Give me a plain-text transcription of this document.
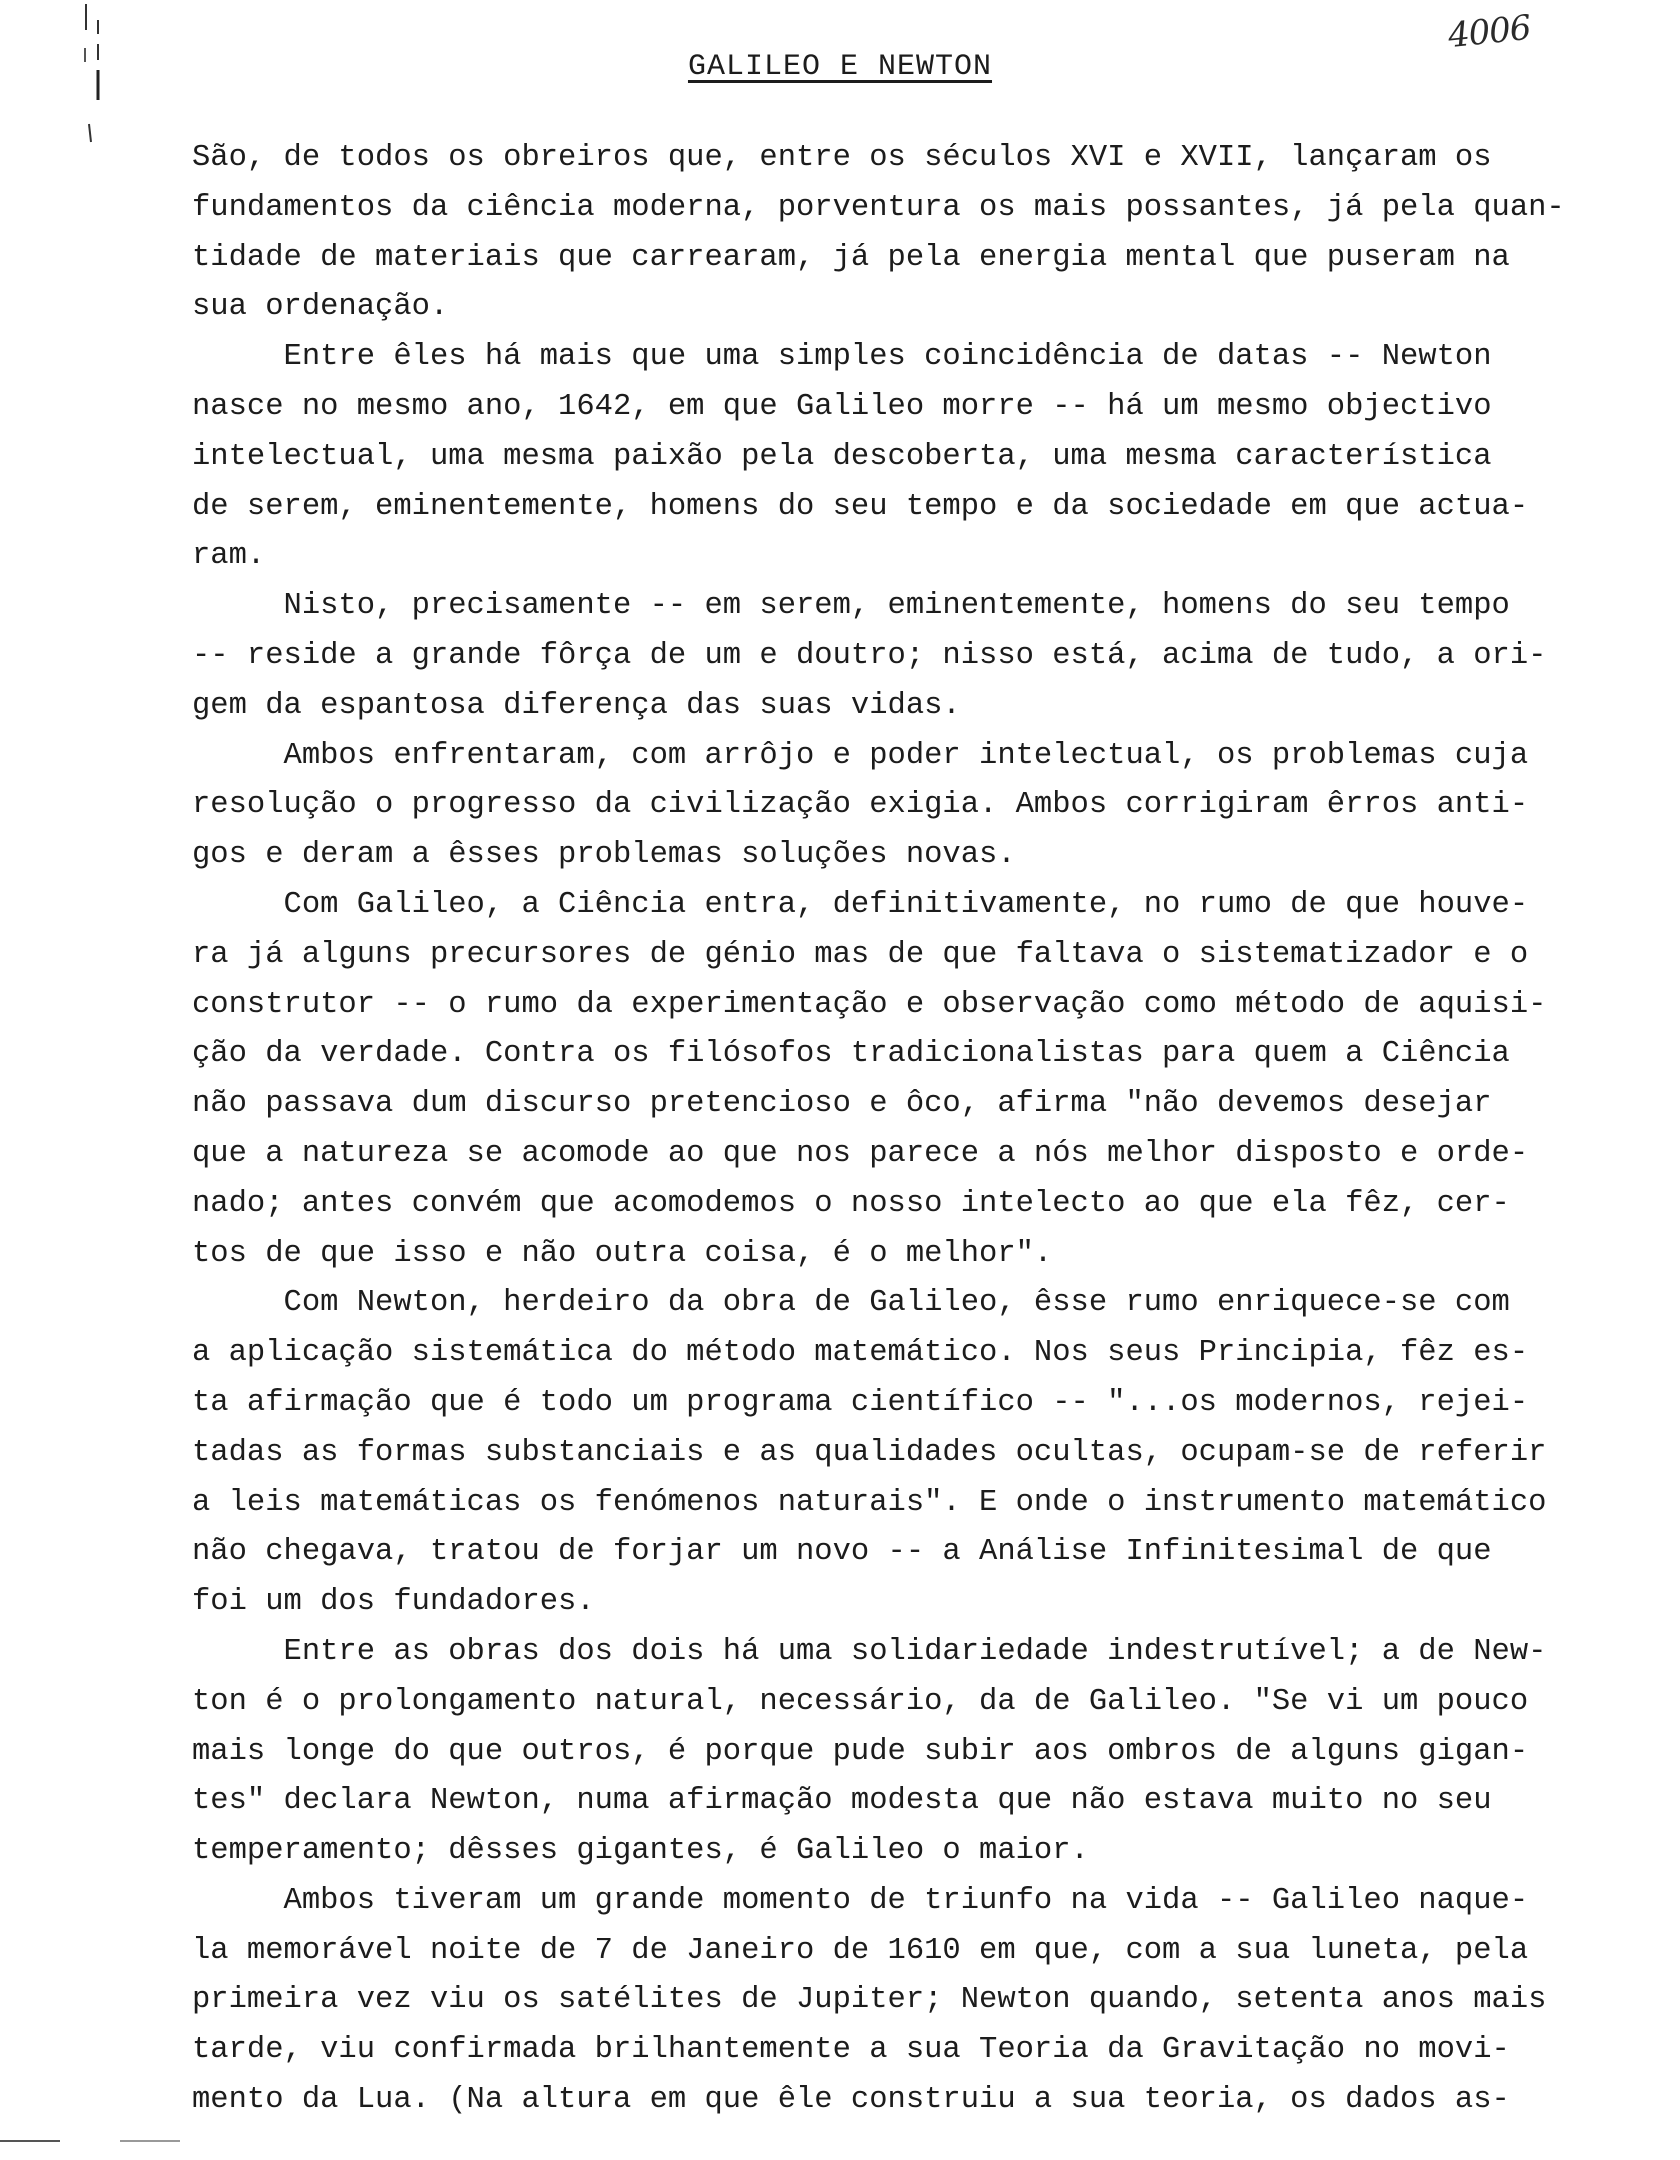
4006
GALILEO E NEWTON
São, de todos os obreiros que, entre os séculos XVI e XVII, lançaram os
fundamentos da ciência moderna, porventura os mais possantes, já pela quan-
tidade de materiais que carrearam, já pela energia mental que puseram na
sua ordenação.
Entre êles há mais que uma simples coincidência de datas -- Newton
nasce no mesmo ano, 1642, em que Galileo morre -- há um mesmo objectivo
intelectual, uma mesma paixão pela descoberta, uma mesma característica
de serem, eminentemente, homens do seu tempo e da sociedade em que actua-
ram.
Nisto, precisamente -- em serem, eminentemente, homens do seu tempo
-- reside a grande fôrça de um e doutro; nisso está, acima de tudo, a ori-
gem da espantosa diferença das suas vidas.
Ambos enfrentaram, com arrôjo e poder intelectual, os problemas cuja
resolução o progresso da civilização exigia. Ambos corrigiram êrros anti-
gos e deram a êsses problemas soluções novas.
Com Galileo, a Ciência entra, definitivamente, no rumo de que houve-
ra já alguns precursores de génio mas de que faltava o sistematizador e o
construtor -- o rumo da experimentação e observação como método de aquisi-
ção da verdade. Contra os filósofos tradicionalistas para quem a Ciência
não passava dum discurso pretencioso e ôco, afirma "não devemos desejar
que a natureza se acomode ao que nos parece a nós melhor disposto e orde-
nado; antes convém que acomodemos o nosso intelecto ao que ela fêz, cer-
tos de que isso e não outra coisa, é o melhor".
Com Newton, herdeiro da obra de Galileo, êsse rumo enriquece-se com
a aplicação sistemática do método matemático. Nos seus Principia, fêz es-
ta afirmação que é todo um programa científico -- "...os modernos, rejei-
tadas as formas substanciais e as qualidades ocultas, ocupam-se de referir
a leis matemáticas os fenómenos naturais". E onde o instrumento matemático
não chegava, tratou de forjar um novo -- a Análise Infinitesimal de que
foi um dos fundadores.
Entre as obras dos dois há uma solidariedade indestrutível; a de New-
ton é o prolongamento natural, necessário, da de Galileo. "Se vi um pouco
mais longe do que outros, é porque pude subir aos ombros de alguns gigan-
tes" declara Newton, numa afirmação modesta que não estava muito no seu
temperamento; dêsses gigantes, é Galileo o maior.
Ambos tiveram um grande momento de triunfo na vida -- Galileo naque-
la memorável noite de 7 de Janeiro de 1610 em que, com a sua luneta, pela
primeira vez viu os satélites de Jupiter; Newton quando, setenta anos mais
tarde, viu confirmada brilhantemente a sua Teoria da Gravitação no movi-
mento da Lua. (Na altura em que êle construiu a sua teoria, os dados as-
